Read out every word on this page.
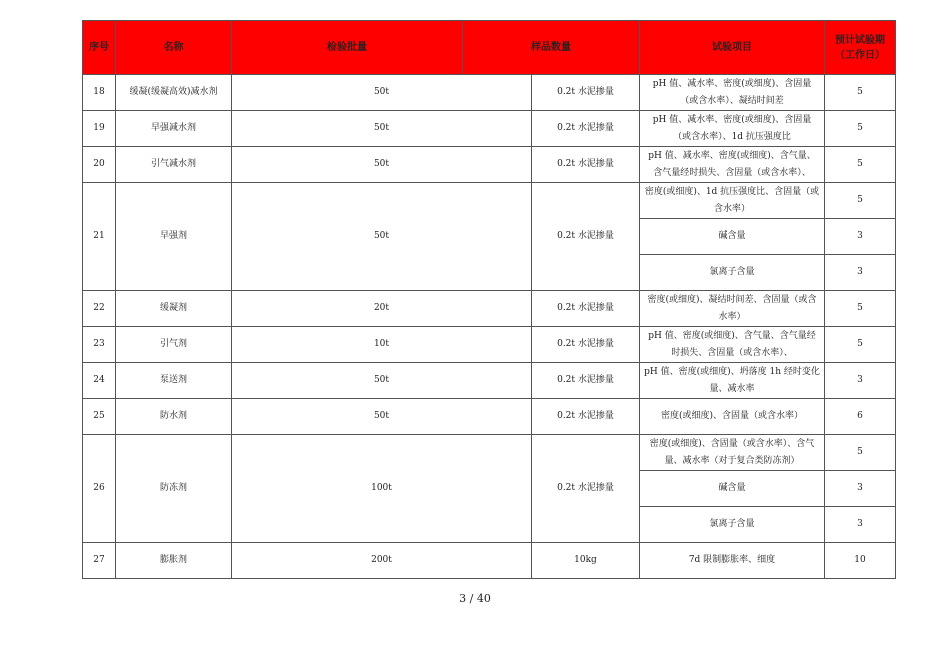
序号	名称	检验批量	样品数量		试验项目	预计试验期
（工作日）
18	缓凝(缓凝高效)减水剂	50t		0.2t 水泥掺量	pH 值、减水率、密度(或细度)、含固量（或含水率）、凝结时间差	5
19	早强减水剂	50t		0.2t 水泥掺量	pH 值、减水率、密度(或细度)、含固量（或含水率）、1d 抗压强度比	5
20	引气减水剂	50t		0.2t 水泥掺量	pH 值、减水率、密度(或细度)、含气量、含气量经时损失、含固量（或含水率）、	5
21	早强剂	50t		0.2t 水泥掺量	密度(或细度)、1d 抗压强度比、含固量（或含水率）	5
					碱含量	3
					氯离子含量	3
22	缓凝剂	20t		0.2t 水泥掺量	密度(或细度)、凝结时间差、含固量（或含水率）	5
23	引气剂	10t		0.2t 水泥掺量	pH 值、密度(或细度)、含气量、含气量经时损失、含固量（或含水率）、	5
24	泵送剂	50t		0.2t 水泥掺量	pH 值、密度(或细度)、坍落度 1h 经时变化量、减水率	3
25	防水剂	50t		0.2t 水泥掺量	密度(或细度)、含固量（或含水率）	6
26	防冻剂	100t		0.2t 水泥掺量	密度(或细度)、含固量（或含水率）、含气量、减水率（对于复合类防冻剂）	5
					碱含量	3
					氯离子含量	3
27	膨胀剂	200t		10kg	7d 限制膨胀率、细度	10
3 / 40
